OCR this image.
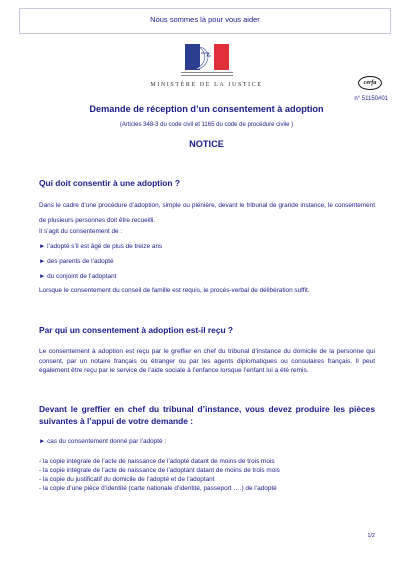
Nous sommes là pour vous aider
MINISTÈRE DE LA JUSTICE	cerfa
n° 51150#01
Demande de réception d’un consentement à adoption
(Articles 348-3 du code civil et 1165 du code de procédure civile )
NOTICE
Qui doit consentir à une adoption ?
Dans le cadre d’une procédure d’adoption, simple ou plénière, devant le tribunal de grande instance, le consentement de plusieurs personnes doit être recueilli.
Il s’agit du consentement de :
► l’adopté s’il est âgé de plus de treize ans
► des parents de l’adopté
► du conjoint de l’adoptant
Lorsque le consentement du conseil de famille est requis, le procès-verbal de délibération suffit.
Par qui un consentement à adoption est-il reçu ?
Le consentement à adoption est reçu par le greffier en chef du tribunal d’instance du domicile de la personne qui consent, par un notaire français ou étranger ou par les agents diplomatiques ou consulaires français. Il peut également être reçu par le service de l’aide sociale à l’enfance lorsque l’enfant lui a été remis.
Devant le greffier en chef du tribunal d’instance, vous devez produire les pièces suivantes à l’appui de votre demande :
► cas du consentement donné par l’adopté :
- la copie intégrale de l’acte de naissance de l’adopté datant de moins de trois mois
- la copie intégrale de l’acte de naissance de l’adoptant datant de moins de trois mois
- la copie du justificatif du domicile de l’adopté et de l’adoptant
- la copie d’une pièce d’identité (carte nationale d’identité, passeport ….) de l’adopté
1/2
